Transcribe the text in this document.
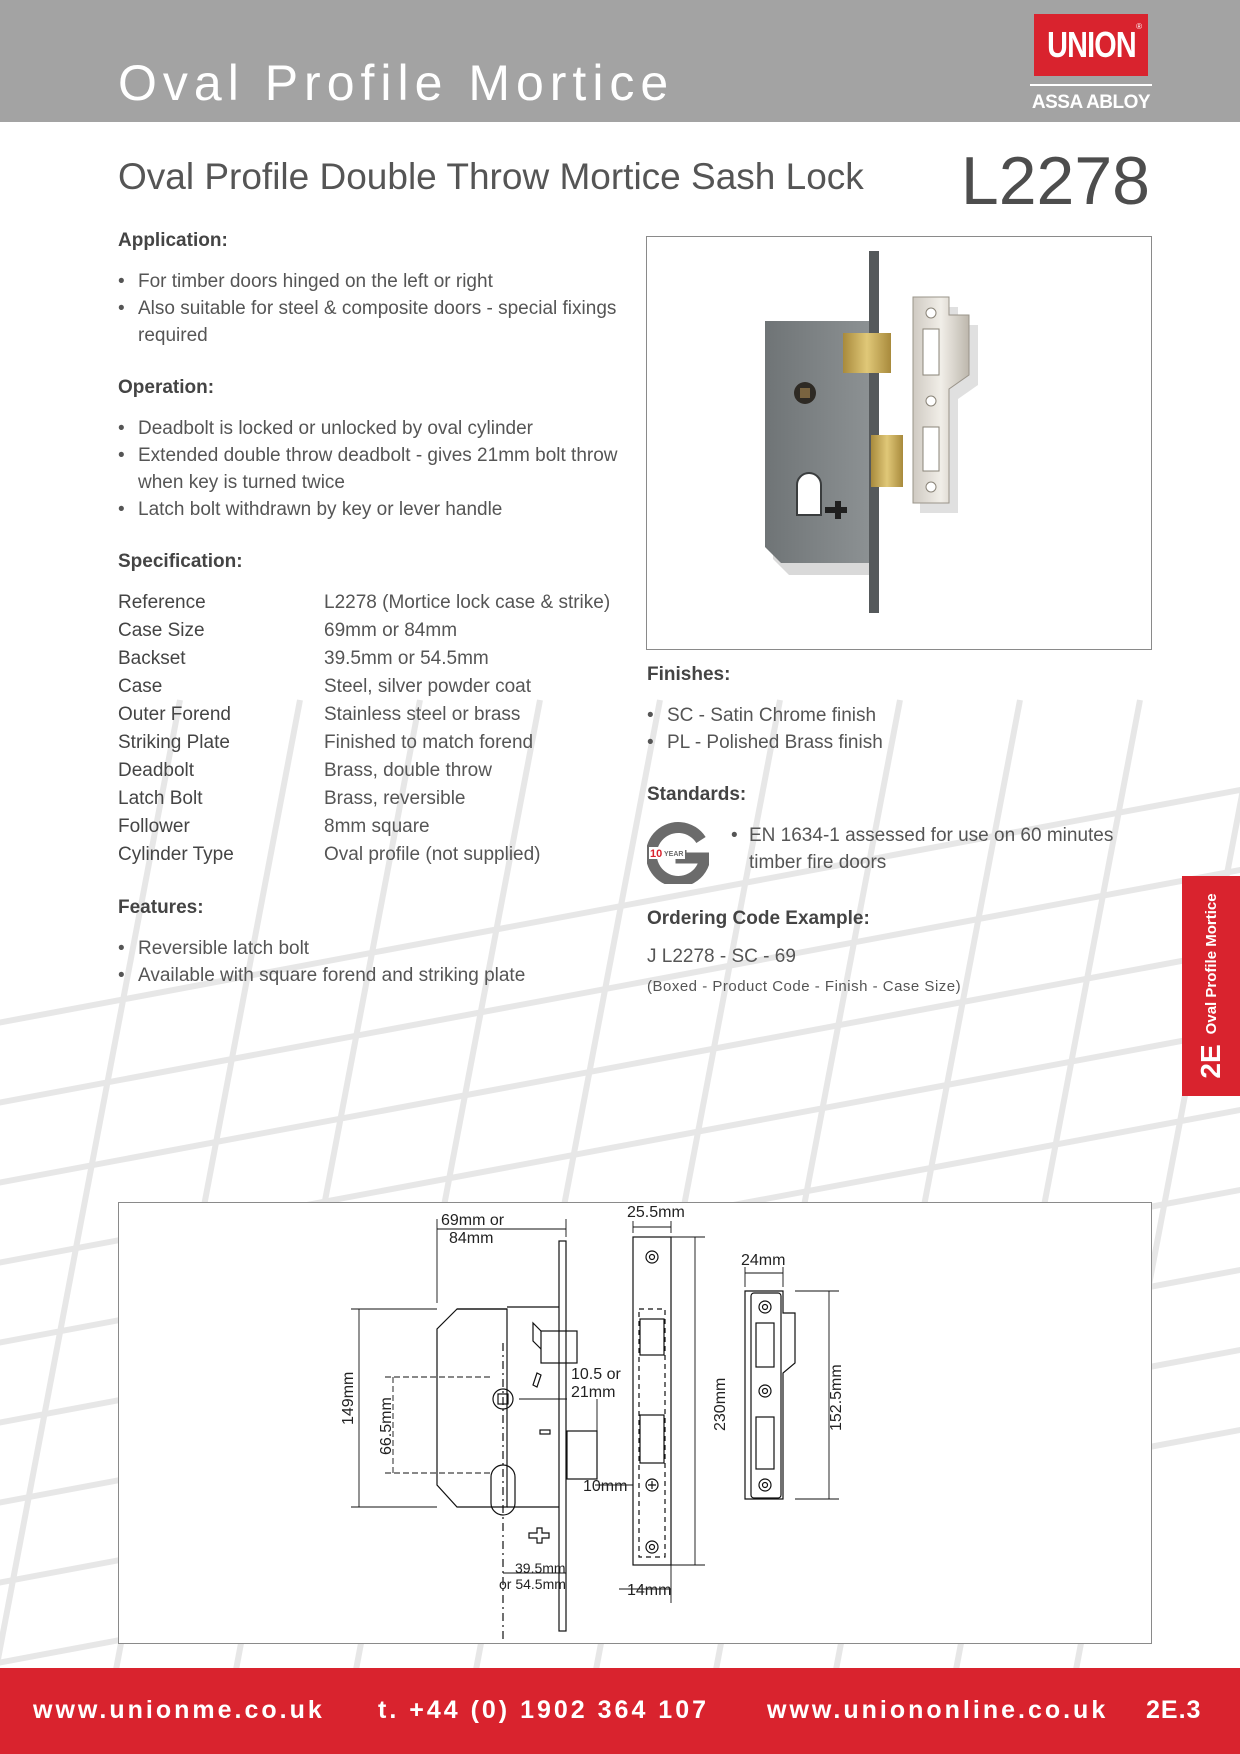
Oval Profile Mortice
UNION ®
ASSA ABLOY
Oval Profile Double Throw Mortice Sash Lock L2278
Application:
• For timber doors hinged on the left or right
• Also suitable for steel & composite doors - special fixings required
Operation:
• Deadbolt is locked or unlocked by oval cylinder
• Extended double throw deadbolt - gives 21mm bolt throw when key is turned twice
• Latch bolt withdrawn by key or lever handle
Specification:
Reference	L2278 (Mortice lock case & strike)
Case Size	69mm or 84mm
Backset	39.5mm or 54.5mm
Case	Steel, silver powder coat
Outer Forend	Stainless steel or brass
Striking Plate	Finished to match forend
Deadbolt	Brass, double throw
Latch Bolt	Brass, reversible
Follower	8mm square
Cylinder Type	Oval profile (not supplied)
Features:
• Reversible latch bolt
• Available with square forend and striking plate
Finishes:
• SC - Satin Chrome finish
• PL - Polished Brass finish
Standards:
10 YEAR
• EN 1634-1 assessed for use on 60 minutes timber fire doors
Ordering Code Example:
J L2278 - SC - 69
(Boxed - Product Code - Finish - Case Size)
2E
Oval Profile Mortice
69mm or
84mm
25.5mm
24mm
10.5 or
21mm
149mm 66.5mm	230mm	152.5mm
10mm
39.5mm
or 54.5mm	14mm
www.unionme.co.uk t. +44 (0) 1902 364 107 www.uniononline.co.uk 2E.3
